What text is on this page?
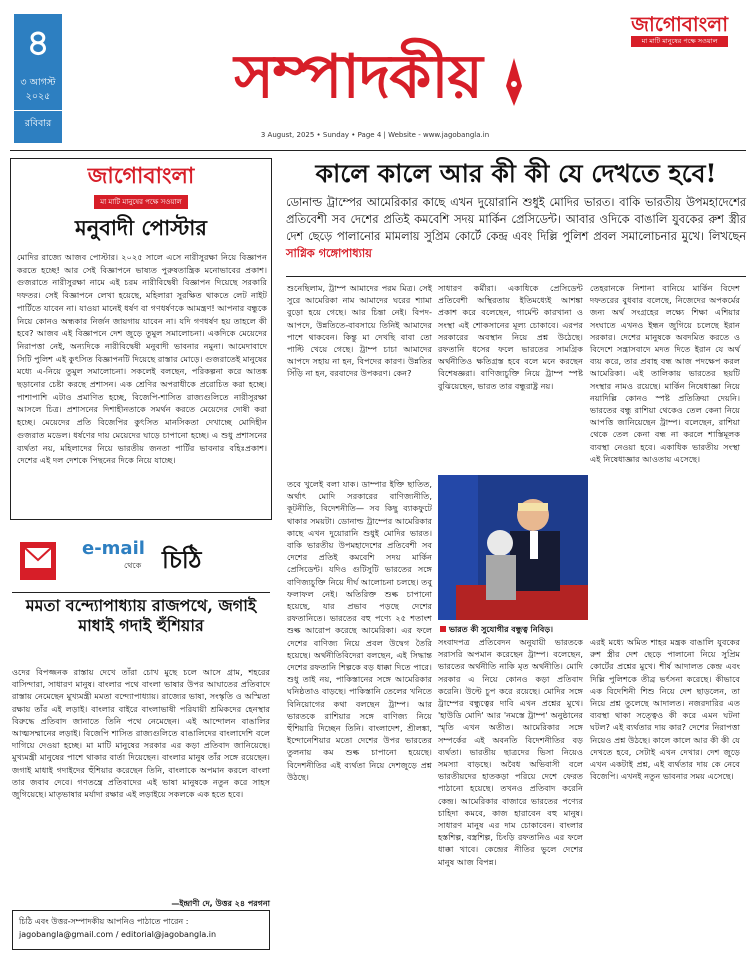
৪
৩ আগস্ট
২০২৫
রবিবার
সম্পাদকীয়
জাগোবাংলা
মা মাটি মানুষের পক্ষে সওয়াল
3 August, 2025 • Sunday • Page 4 | Website - www.jagobangla.in
জাগোবাংলা
মা মাটি মানুষের পক্ষে সওয়াল
মনুবাদী পোস্টার
মোদির রাজ্যে আজব পোস্টার। ২০২৫ সালে এসে নারীসুরক্ষা নিয়ে বিজ্ঞাপন করতে হচ্ছে! আর সেই বিজ্ঞাপনে ভাষ্যত পুরুষতান্ত্রিক মনোভাবের প্রকাশ। গুজরাতে নারীসুরক্ষা নামে এই চরম নারীবিদ্বেষী বিজ্ঞাপন দিয়েছে সরকারি দফতর। সেই বিজ্ঞাপনে লেখা হয়েছে, মহিলারা সুরক্ষিত থাকতে লেট নাইট পার্টিতে যাবেন না। যাওয়া মানেই ধর্ষণ বা গণধর্ষণকে আমন্ত্রণ! আপনার বন্ধুকে নিয়ে কোনও অন্ধকার নির্জন জায়গায় যাবেন না। যদি গণধর্ষণ হয় তাহলে কী হবে? আজব এই বিজ্ঞাপনে দেশ জুড়ে তুমুল সমালোচনা। একদিকে মেয়েদের নিরাপত্তা নেই, অন্যদিকে নারীবিদ্বেষী মনুবাদী ভাবনার নমুনা। আমেদাবাদে সিটি পুলিশ এই কুৎসিত বিজ্ঞাপনটি দিয়েছে রাস্তার মোড়ে। গুজরাতেই মানুষের মধ্যে এ-নিয়ে তুমুল সমালোচনা। সকলেই বলছেন, পরিকল্পনা করে আতঙ্ক ছড়ানোর চেষ্টা করছে প্রশাসন। এক শ্রেণির অপরাধীকে প্ররোচিত করা হচ্ছে। পাশাপাশি এটাও প্রমাণিত হচ্ছে, বিজেপি-শাসিত রাজ্যগুলিতে নারীসুরক্ষা আসলে চিত্র। প্রশাসনের দিশাহীনতাকে সমর্থন করতে মেয়েদের দোষী করা হচ্ছে। মেয়েদের প্রতি বিজেপির কুৎসিত মানসিকতা দেখাচ্ছে মোদিহীন গুজরাত মডেল। ধর্ষণের দায় মেয়েদের ঘাড়ে চাপানো হচ্ছে। এ শুধু প্রশাসনের ব্যর্থতা নয়, মহিলাদের নিয়ে ভারতীয় জনতা পার্টির ভাবনার বহিঃপ্রকাশ। দেশের এই দল দেশকে পিছনের দিকে নিয়ে যাচ্ছে।
e-mail
থেকে চিঠি
মমতা বন্দ্যোপাধ্যায় রাজপথে, জগাই মাধাই গদাই হুঁশিয়ার
ওদের বিপজ্জনক রাস্তায় দেখে তাঁরা চোখ মুছে চলে আসে গ্রাম, শহরের বাসিন্দারা, সাধারণ মানুষ। বাংলার পথে বাংলা ভাষার উপর আঘাতের প্রতিবাদে রাস্তায় নেমেছেন মুখ্যমন্ত্রী মমতা বন্দ্যোপাধ্যায়। রাজ্যের ভাষা, সংস্কৃতি ও অস্মিতা রক্ষায় তাঁর এই লড়াই। বাংলার বাইরে বাংলাভাষী পরিযায়ী শ্রমিকদের হেনস্থার বিরুদ্ধে প্রতিবাদ জানাতে তিনি পথে নেমেছেন। এই আন্দোলন বাঙালির আত্মসম্মানের লড়াই। বিজেপি শাসিত রাজ্যগুলিতে বাঙালিদের বাংলাদেশি বলে দাগিয়ে দেওয়া হচ্ছে। মা মাটি মানুষের সরকার এর কড়া প্রতিবাদ জানিয়েছে। মুখ্যমন্ত্রী মানুষের পাশে থাকার বার্তা দিয়েছেন। বাংলার মানুষ তাঁর সঙ্গে রয়েছেন। জগাই মাধাই গদাইদের হুঁশিয়ার করেছেন তিনি, বাংলাকে অপমান করলে বাংলা তার জবাব দেবে। গণতন্ত্রে প্রতিবাদের এই ভাষা মানুষকে নতুন করে সাহস জুগিয়েছে। মাতৃভাষার মর্যাদা রক্ষার এই লড়াইয়ে সকলকে এক হতে হবে।
—ইন্দ্রাণী দে, উত্তর ২৪ পরগনা
চিঠি এবং উত্তর-সম্পাদকীয় আপনিও পাঠাতে পারেন :
jagobangla@gmail.com / editorial@jagobangla.in
কালে কালে আর কী কী যে দেখতে হবে!
ডোনাল্ড ট্রাম্পের আমেরিকার কাছে এখন দুয়োরানি শুধুই মোদির ভারত। বাকি ভারতীয় উপমহাদেশের প্রতিবেশী সব দেশের প্রতিই কমবেশি সদয় মার্কিন প্রেসিডেন্ট। আবার ওদিকে বাঙালি যুবকের রুশ স্ত্রীর দেশ ছেড়ে পালানোর মামলায় সুপ্রিম কোর্টে কেন্দ্র এবং দিল্লি পুলিশ প্রবল সমালোচনার মুখে। লিখছেন সাগ্নিক গঙ্গোপাধ্যায়
শুনেছিলাম, ট্রাম্প আমাদের পরম মিত্র। সেই সুরে আমেরিকা নাম আমাদের ঘরের শ্যামা বুড়ো হয়ে গেছে। আর চিন্তা নেই। বিপদ-আপদে, উন্নতিতে-বাবসায়ে তিনিই আমাদের পাশে থাকবেন। কিন্তু মা দেখছি বাবা তো পাল্টি খেয়ে গেছে। ট্রাম্প চাচা আমাদের আপদে সহায় না হন, বিপদের কারণ। উন্নতির সিঁড়ি না হন, বরবাদের উপকরণ। কেন?
তবে খুলেই বলা যাক। ডাম্পার ইক্তি ছাতিত, অর্থাৎ মোদি সরকারের বাণিজ্যনীতি, কূটনীতি, বিদেশনীতি— সব কিছু ব্যাকফুটে থাকার সময়টা। ডোনাল্ড ট্রাম্পের আমেরিকার কাছে এখন দুয়োরানি শুধুই মোদির ভারত। বাকি ভারতীয় উপমহাদেশের প্রতিবেশী সব দেশের প্রতিই কমবেশি সদয় মার্কিন প্রেসিডেন্ট। যদিও গুটিসুটি ভারতের সঙ্গে বাণিজ্যচুক্তি নিয়ে দীর্ঘ আলোচনা চলছে। তবু ফলাফল নেই। অতিরিক্ত শুল্ক চাপানো হয়েছে, যার প্রভাব পড়ছে দেশের রফতানিতে। ভারতের বহু পণ্যে ২৫ শতাংশ শুল্ক আরোপ করেছে আমেরিকা। এর ফলে দেশের বাণিজ্য নিয়ে প্রবল উদ্বেগ তৈরি হয়েছে। অর্থনীতিবিদেরা বলছেন, এই সিদ্ধান্ত দেশের রফতানি শিল্পকে বড় ধাক্কা দিতে পারে। শুধু তাই নয়, পাকিস্তানের সঙ্গে আমেরিকার ঘনিষ্ঠতাও বাড়ছে। পাকিস্তানি তেলের খনিতে বিনিয়োগের কথা বলছেন ট্রাম্প। আর ভারতকে রাশিয়ার সঙ্গে বাণিজ্য নিয়ে হুঁশিয়ারি দিচ্ছেন তিনি। বাংলাদেশ, শ্রীলঙ্কা, ইন্দোনেশিয়ার মতো দেশের উপর ভারতের তুলনায় কম শুল্ক চাপানো হয়েছে। বিদেশনীতির এই ব্যর্থতা নিয়ে দেশজুড়ে প্রশ্ন উঠছে।
সাধারণ কর্মীরা। একাধিকে প্রেসিডেন্ট প্রতিবেশী অস্থিরতায় ইতিমধ্যেই আশঙ্কা প্রকাশ করে বলেছেন, গার্মেন্ট কারখানা ও সংস্থা এই শোকসানের মূল্য চোকাবে। এরপর সরকারের অবস্থান নিয়ে প্রশ্ন উঠেছে। রফতানি ধসের ফলে ভারতের সামগ্রিক অর্থনীতিও ক্ষতিগ্রস্ত হবে বলে মনে করছেন বিশেষজ্ঞরা। বাণিজ্যচুক্তি নিয়ে ট্রাম্প স্পষ্ট বুঝিয়েছেন, ভারত তার বন্ধুরাষ্ট্র নয়।
ভারত কী সুযোগীর বন্ধুত্ব নিবিড়।
সংবাদপত্র প্রতিবেদন অনুযায়ী ভারতকে সরাসরি অপমান করেছেন ট্রাম্প। বলেছেন, ভারতের অর্থনীতি নাকি মৃত অর্থনীতি। মোদি সরকার এ নিয়ে কোনও কড়া প্রতিবাদ করেনি। উল্টে চুপ করে রয়েছে। মোদির সঙ্গে ট্রাম্পের বন্ধুত্বের দাবি এখন প্রশ্নের মুখে। 'হাউডি মোদি' আর 'নমস্তে ট্রাম্প' অনুষ্ঠানের স্মৃতি এখন অতীত। আমেরিকার সঙ্গে সম্পর্কের এই অবনতি বিদেশনীতির বড় ব্যর্থতা। ভারতীয় ছাত্রদের ভিসা নিয়েও সমস্যা বাড়ছে। অবৈধ অভিবাসী বলে ভারতীয়দের হাতকড়া পরিয়ে দেশে ফেরত পাঠানো হয়েছে। তখনও প্রতিবাদ করেনি কেন্দ্র। আমেরিকার বাজারে ভারতের পণ্যের চাহিদা কমবে, কাজ হারাবেন বহু মানুষ। সাধারণ মানুষ এর দাম চোকাবেন। বাংলার হস্তশিল্প, বস্ত্রশিল্প, চিংড়ি রফতানিও এর ফলে ধাক্কা খাবে। কেন্দ্রের নীতির ভুলে দেশের মানুষ আজ বিপন্ন।
তেহরানকে নিশানা বানিয়ে মার্কিন বিদেশ দফতরের বুধবার বলেছে, নিজেদের অপকর্মের জন্য অর্থ সংগ্রহের লক্ষ্যে শিক্ষা এশিয়ার সংঘাতে এখনও ইন্ধন জুগিয়ে চলেছে ইরান সরকার। দেশের মানুষকে অবদমিত করতে ও বিদেশে সন্ত্রাসবাদে মদত দিতে ইরান যে অর্থ ব্যয় করে, তার প্রবাহ বন্ধ আজ পদক্ষেপ করল আমেরিকা। এই তালিকায় ভারতের ছয়টি সংস্থার নামও রয়েছে। মার্কিন নিষেধাজ্ঞা নিয়ে নয়াদিল্লি কোনও স্পষ্ট প্রতিক্রিয়া দেয়নি। ভারতের বন্ধু রাশিয়া থেকেও তেল কেনা নিয়ে আপত্তি জানিয়েছেন ট্রাম্প। বলেছেন, রাশিয়া থেকে তেল কেনা বন্ধ না করলে শাস্তিমূলক ব্যবস্থা নেওয়া হবে। একাধিক ভারতীয় সংস্থা এই নিষেধাজ্ঞার আওতায় এসেছে।
এরই মধ্যে অমিত শাহর মন্ত্রক বাঙালি যুবকের রুশ স্ত্রীর দেশ ছেড়ে পালানো নিয়ে সুপ্রিম কোর্টের প্রশ্নের মুখে। শীর্ষ আদালত কেন্দ্র এবং দিল্লি পুলিশকে তীব্র ভর্ৎসনা করেছে। কীভাবে এক বিদেশিনী শিশু নিয়ে দেশ ছাড়লেন, তা নিয়ে প্রশ্ন তুলেছে আদালত। নজরদারির এত ব্যবস্থা থাকা সত্ত্বেও কী করে এমন ঘটনা ঘটল? এই ব্যর্থতার দায় কার? দেশের নিরাপত্তা নিয়েও প্রশ্ন উঠছে। কালে কালে আর কী কী যে দেখতে হবে, সেটাই এখন দেখার। দেশ জুড়ে এখন একটাই প্রশ্ন, এই ব্যর্থতার দায় কে নেবে বিজেপি। এখনই নতুন ভাবনার সময় এসেছে।
